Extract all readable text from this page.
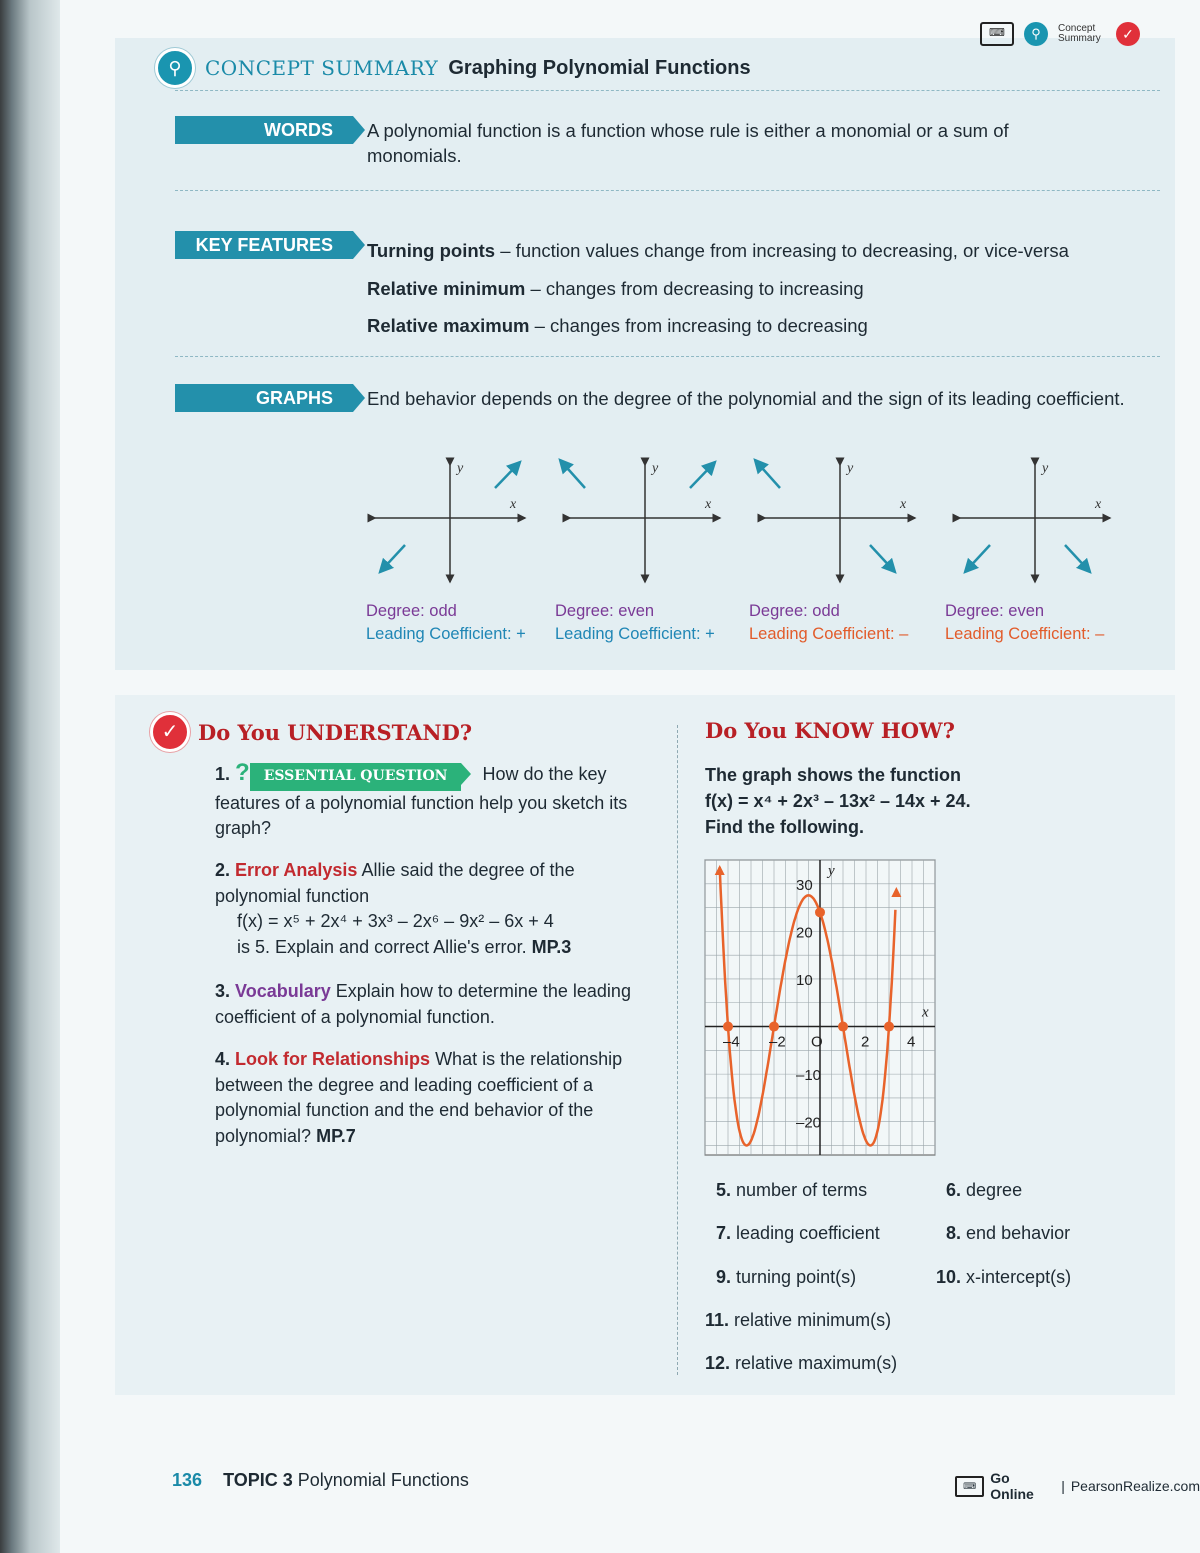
⌨	⚲	Concept Summary	✓
⚲	CONCEPT SUMMARY Graphing Polynomial Functions
WORDS	A polynomial function is a function whose rule is either a monomial or a sum of monomials.
KEY FEATURES	Turning points – function values change from increasing to decreasing, or vice-versa
Relative minimum – changes from decreasing to increasing
Relative maximum – changes from increasing to decreasing
GRAPHS	End behavior depends on the degree of the polynomial and the sign of its leading coefficient.
x
y
x
y
x
y
x
y
Degree: odd
Leading Coefficient: +
Degree: even
Leading Coefficient: +
Degree: odd
Leading Coefficient: –
Degree: even
Leading Coefficient: –
✓ Do You UNDERSTAND?
1. ? ESSENTIAL QUESTION How do the key features of a polynomial function help you sketch its graph?
2. Error Analysis Allie said the degree of the polynomial function
f(x) = x⁵ + 2x⁴ + 3x³ – 2x⁶ – 9x² – 6x + 4
is 5. Explain and correct Allie's error. MP.3
3. Vocabulary Explain how to determine the leading coefficient of a polynomial function.
4. Look for Relationships What is the relationship between the degree and leading coefficient of a polynomial function and the end behavior of the polynomial? MP.7
Do You KNOW HOW?
The graph shows the function
f(x) = x⁴ + 2x³ – 13x² – 14x + 24.
Find the following.
–4 –2 O	2	4
30
20
10
–10
–20
x
y
5. number of terms	6. degree
7. leading coefficient	8. end behavior
9. turning point(s)	10. x-intercept(s)
11. relative minimum(s)
12. relative maximum(s)
136 TOPIC 3 Polynomial Functions	⌨	Go Online	| PearsonRealize.com
